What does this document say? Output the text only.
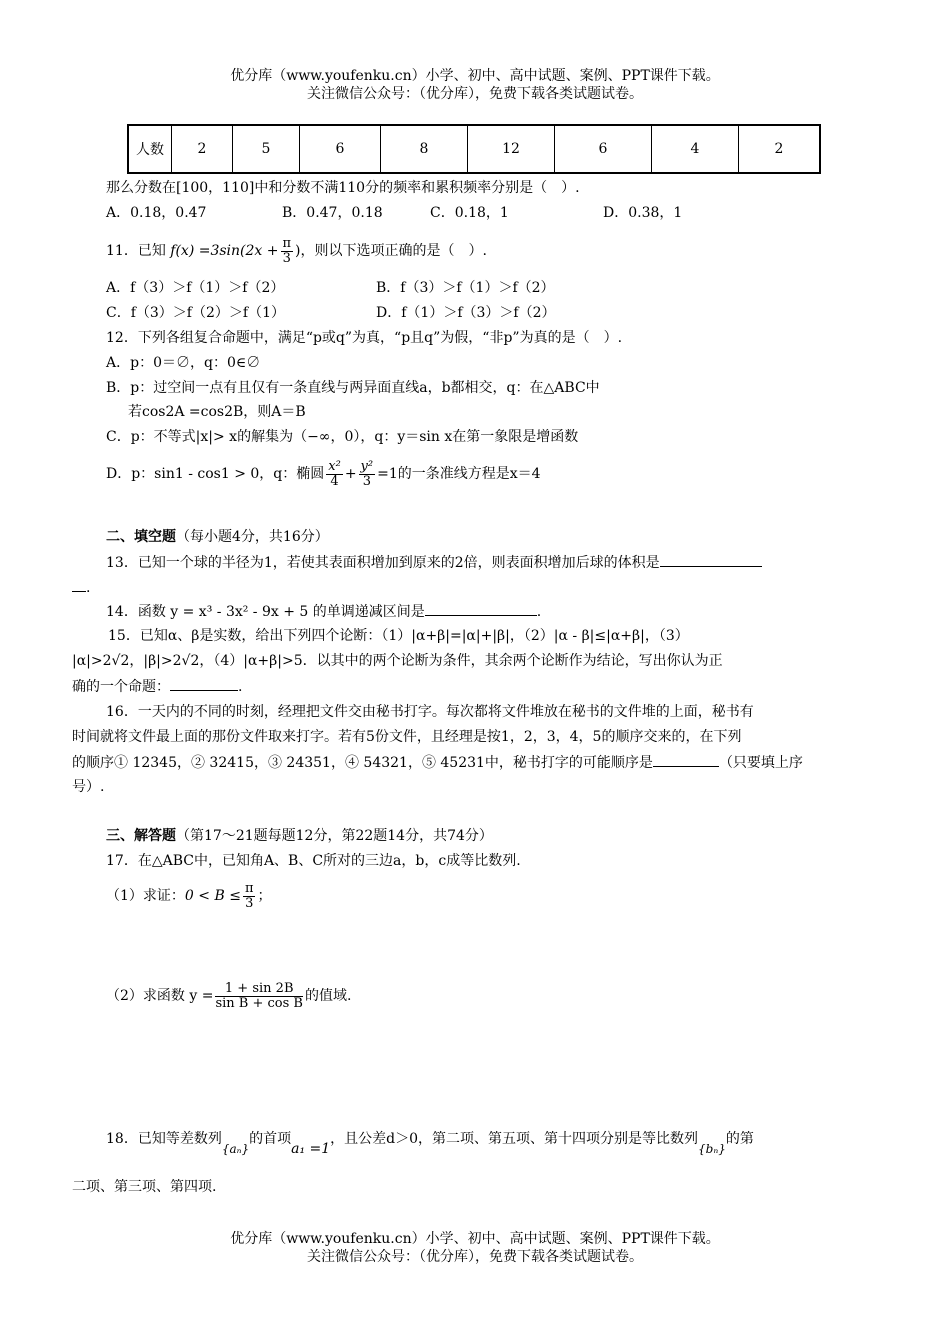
优分库（www.youfenku.cn）小学、初中、高中试题、案例、PPT课件下载。
关注微信公众号：（优分库），免费下载各类试题试卷。
人数	2	5	6	8	12	6	4	2
那么分数在[100，110]中和分数不满110分的频率和累积频率分别是（　）.
A．0.18，0.47	B．0.47，0.18	C．0.18，1	D．0.38，1
11．已知 $f(x) =3\sin(2x + \frac{\pi}{3}$ )，则以下选项正确的是（　）.
A．f（3）＞f（1）＞f（2）	B．f（3）＞f（1）＞f（2）
C．f（3）＞f（2）＞f（1）	D．f（1）＞f（3）＞f（2）
12．下列各组复合命题中，满足“p或q”为真，“p且q”为假，“非p”为真的是（　）.
A．p：0＝∅，q：0∈∅
B．p：过空间一点有且仅有一条直线与两异面直线a，b都相交，q：在△ABC中
若cos2A =cos2B，则A＝B
C．p：不等式|x|> x的解集为（−∞，0），q：y＝sin x在第一象限是增函数
D．p：sin1 - cos1 > 0，q：椭圆 $\frac{\text{x²}}{4} + \frac{\text{y²}}{3} =1$的一条准线方程是x＝4
二、填空题（每小题4分，共16分）
13．已知一个球的半径为1，若使其表面积增加到原来的2倍，则表面积增加后球的体积是
.
14．函数 y = x³ - 3x² - 9x + 5 的单调递减区间是	.
15．已知α、β是实数，给出下列四个论断：（1）|α+β|=|α|+|β|，（2）|α - β|≤|α+β|，（3）
|α|>2√2，|β|>2√2，（4）|α+β|>5．以其中的两个论断为条件，其余两个论断作为结论，写出你认为正
确的一个命题：	.
16．一天内的不同的时刻，经理把文件交由秘书打字。每次都将文件堆放在秘书的文件堆的上面，秘书有
时间就将文件最上面的那份文件取来打字。若有5份文件，且经理是按1，2，3，4，5的顺序交来的，在下列
的顺序① 12345，② 32415，③ 24351，④ 54321，⑤ 45231中，秘书打字的可能顺序是	（只要填上序
号）.
三、解答题（第17～21题每题12分，第22题14分，共74分）
17．在△ABC中，已知角A、B、C所对的三边a，b，c成等比数列.
（1）求证：$0 < B \le \frac{\pi}{3}$ ；
（2）求函数 $y = \frac{1 + \sin 2B}{\text{sin B + cos B}}$ 的值域.
18．已知等差数列{aₙ}的首项a₁ =1，且公差d＞0，第二项、第五项、第十四项分别是等比数列{bₙ}的第
二项、第三项、第四项.
优分库（www.youfenku.cn）小学、初中、高中试题、案例、PPT课件下载。
关注微信公众号：（优分库），免费下载各类试题试卷。
